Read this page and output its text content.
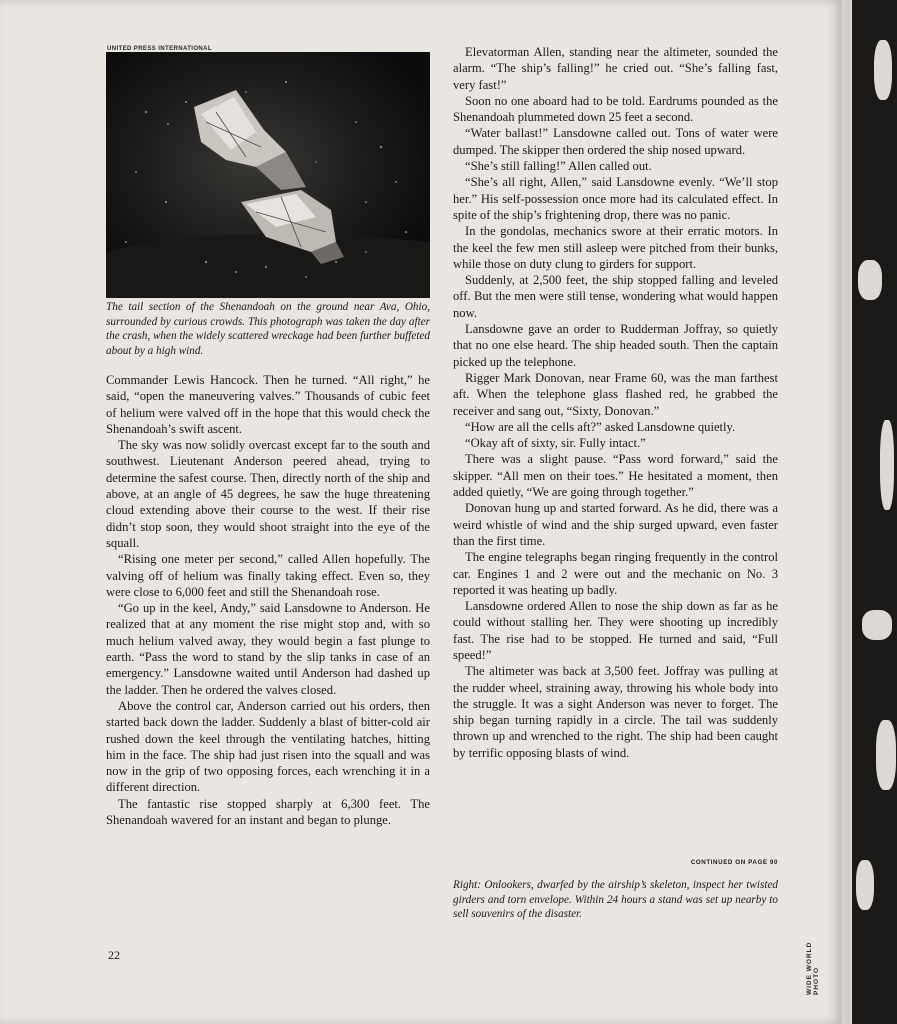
UNITED PRESS INTERNATIONAL
The tail section of the Shenandoah on the ground near Ava, Ohio, surrounded by curious crowds. This photograph was taken the day after the crash, when the widely scattered wreckage had been further buffeted about by a high wind.

Commander Lewis Hancock. Then he turned. “All right,” he said, “open the maneuvering valves.” Thousands of cubic feet of helium were valved off in the hope that this would check the Shenandoah’s swift ascent.

The sky was now solidly overcast except far to the south and southwest. Lieutenant Anderson peered ahead, trying to determine the safest course. Then, directly north of the ship and above, at an angle of 45 degrees, he saw the huge threatening cloud extending above their course to the west. If their rise didn’t stop soon, they would shoot straight into the eye of the squall.

“Rising one meter per second,” called Allen hopefully. The valving off of helium was finally taking effect. Even so, they were close to 6,000 feet and still the Shenandoah rose.

“Go up in the keel, Andy,” said Lansdowne to Anderson. He realized that at any moment the rise might stop and, with so much helium valved away, they would begin a fast plunge to earth. “Pass the word to stand by the slip tanks in case of an emergency.” Lansdowne waited until Anderson had dashed up the ladder. Then he ordered the valves closed.

Above the control car, Anderson carried out his orders, then started back down the ladder. Suddenly a blast of bitter-cold air rushed down the keel through the ventilating hatches, hitting him in the face. The ship had just risen into the squall and was now in the grip of two opposing forces, each wrenching it in a different direction.

The fantastic rise stopped sharply at 6,300 feet. The Shenandoah wavered for an instant and began to plunge.

Elevatorman Allen, standing near the altimeter, sounded the alarm. “The ship’s falling!” he cried out. “She’s falling fast, very fast!”

Soon no one aboard had to be told. Eardrums pounded as the Shenandoah plummeted down 25 feet a second.

“Water ballast!” Lansdowne called out. Tons of water were dumped. The skipper then ordered the ship nosed upward.

“She’s still falling!” Allen called out.

“She’s all right, Allen,” said Lansdowne evenly. “We’ll stop her.” His self-possession once more had its calculated effect. In spite of the ship’s frightening drop, there was no panic.

In the gondolas, mechanics swore at their erratic motors. In the keel the few men still asleep were pitched from their bunks, while those on duty clung to girders for support.

Suddenly, at 2,500 feet, the ship stopped falling and leveled off. But the men were still tense, wondering what would happen now.

Lansdowne gave an order to Rudderman Joffray, so quietly that no one else heard. The ship headed south. Then the captain picked up the telephone.

Rigger Mark Donovan, near Frame 60, was the man farthest aft. When the telephone glass flashed red, he grabbed the receiver and sang out, “Sixty, Donovan.”

“How are all the cells aft?” asked Lansdowne quietly.

“Okay aft of sixty, sir. Fully intact.”

There was a slight pause. “Pass word forward,” said the skipper. “All men on their toes.” He hesitated a moment, then added quietly, “We are going through together.”

Donovan hung up and started forward. As he did, there was a weird whistle of wind and the ship surged upward, even faster than the first time.

The engine telegraphs began ringing frequently in the control car. Engines 1 and 2 were out and the mechanic on No. 3 reported it was heating up badly.

Lansdowne ordered Allen to nose the ship down as far as he could without stalling her. They were shooting up incredibly fast. The rise had to be stopped. He turned and said, “Full speed!”

The altimeter was back at 3,500 feet. Joffray was pulling at the rudder wheel, straining away, throwing his whole body into the struggle. It was a sight Anderson was never to forget. The ship began turning rapidly in a circle. The tail was suddenly thrown up and wrenched to the right. The ship had been caught by terrific opposing blasts of wind.

CONTINUED ON PAGE 90
Right: Onlookers, dwarfed by the airship’s skeleton, inspect her twisted girders and torn envelope. Within 24 hours a stand was set up nearby to sell souvenirs of the disaster.
22	WIDE WORLD PHOTO
